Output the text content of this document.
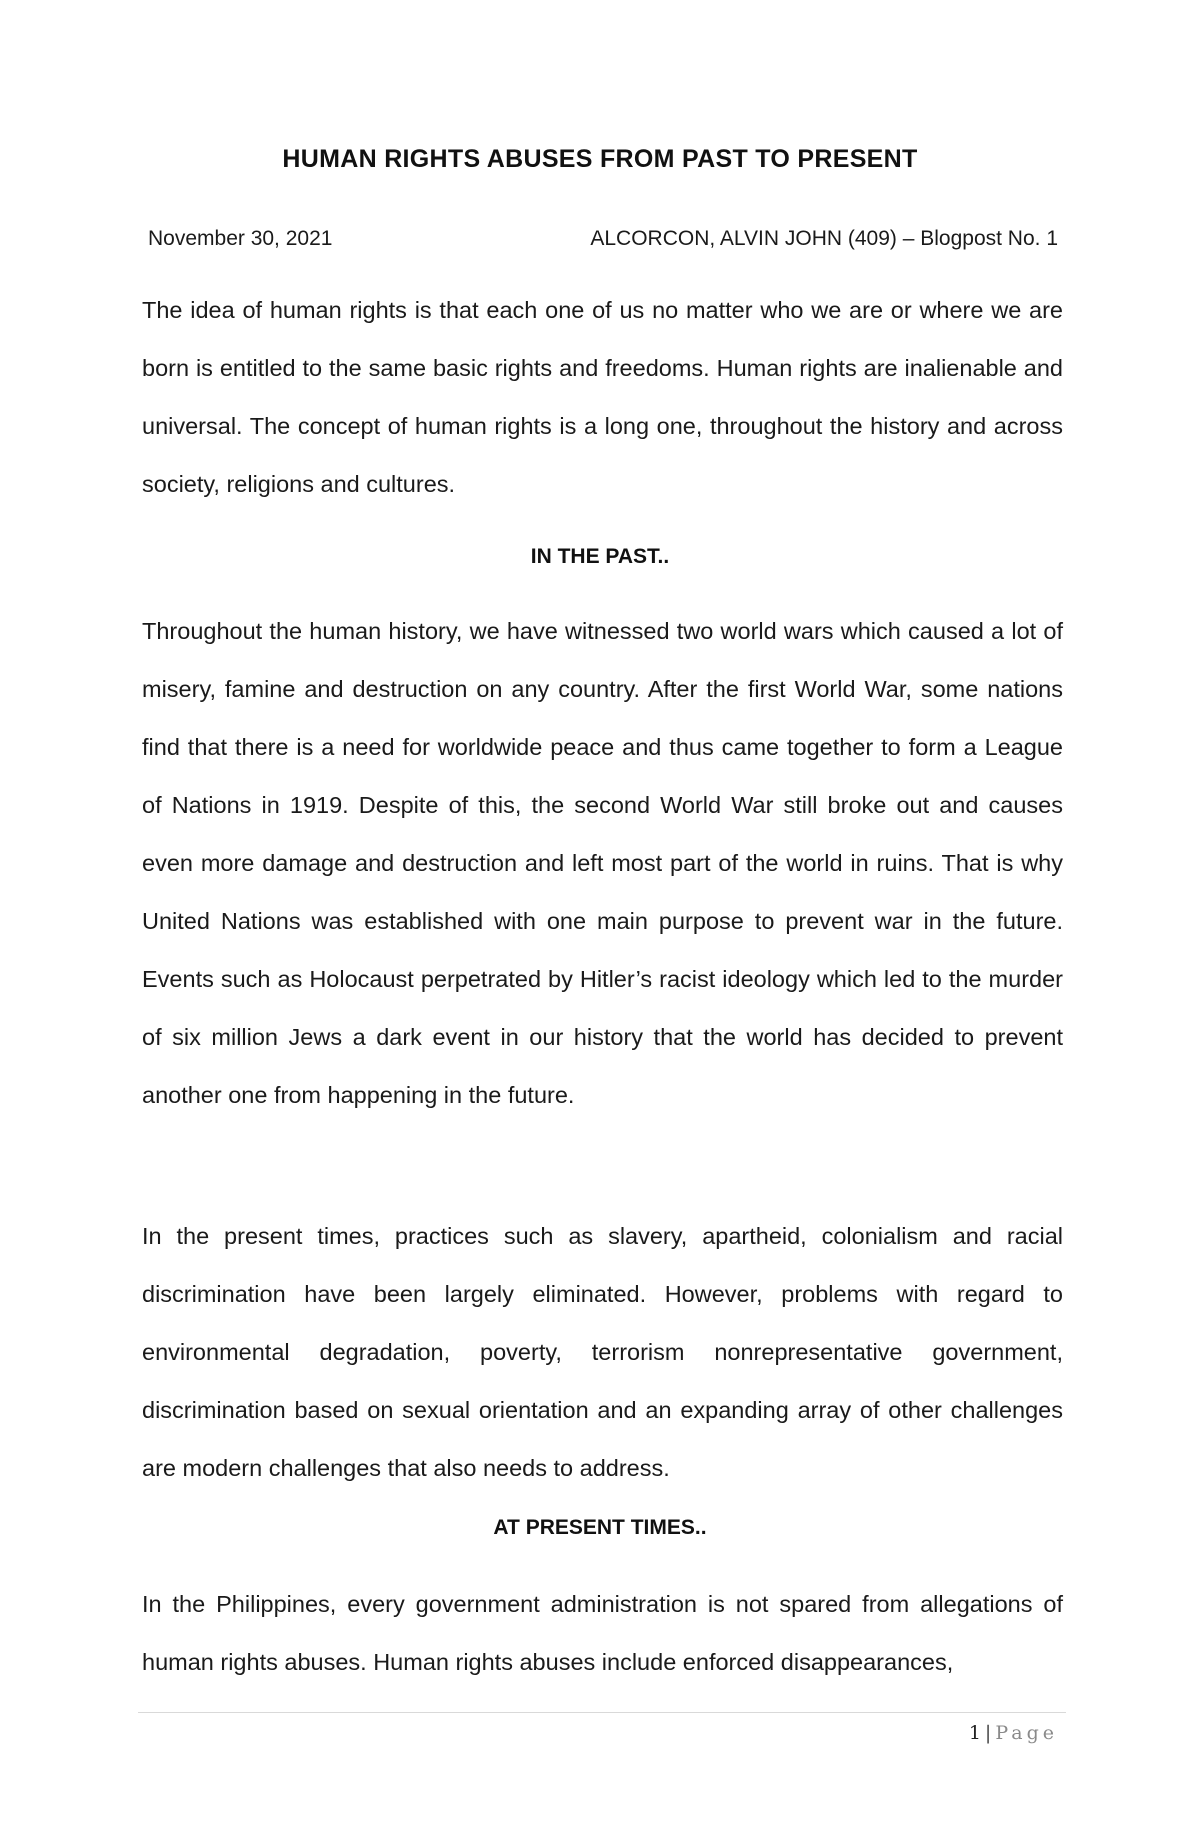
HUMAN RIGHTS ABUSES FROM PAST TO PRESENT
November 30, 2021	ALCORCON, ALVIN JOHN (409) – Blogpost No. 1

The idea of human rights is that each one of us no matter who we are or where we are born is entitled to the same basic rights and freedoms. Human rights are inalienable and universal. The concept of human rights is a long one, throughout the history and across society, religions and cultures.

IN THE PAST..

Throughout the human history, we have witnessed two world wars which caused a lot of misery, famine and destruction on any country. After the first World War, some nations find that there is a need for worldwide peace and thus came together to form a League of Nations in 1919. Despite of this, the second World War still broke out and causes even more damage and destruction and left most part of the world in ruins. That is why United Nations was established with one main purpose to prevent war in the future. Events such as Holocaust perpetrated by Hitler’s racist ideology which led to the murder of six million Jews a dark event in our history that the world has decided to prevent another one from happening in the future.

In the present times, practices such as slavery, apartheid, colonialism and racial discrimination have been largely eliminated. However, problems with regard to environmental degradation, poverty, terrorism nonrepresentative government, discrimination based on sexual orientation and an expanding array of other challenges are modern challenges that also needs to address.

AT PRESENT TIMES..

In the Philippines, every government administration is not spared from allegations of human rights abuses. Human rights abuses include enforced disappearances,

1 | Page
